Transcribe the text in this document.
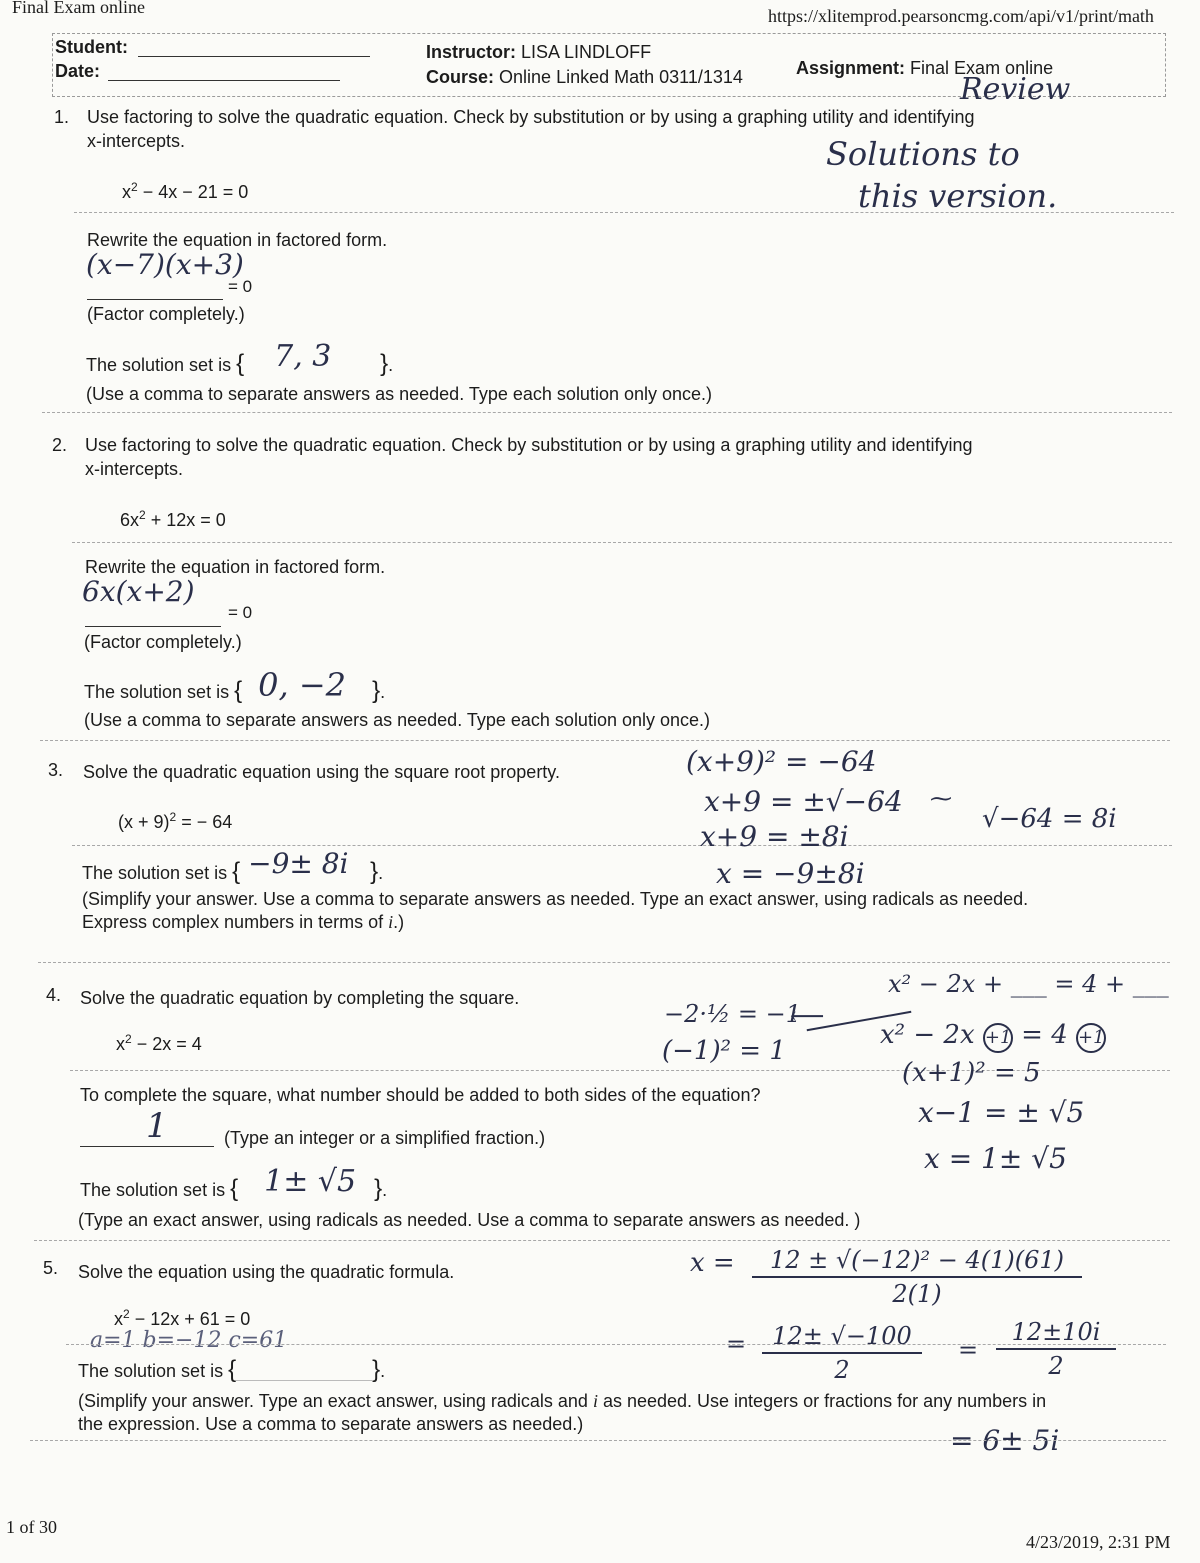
Final Exam online	https://xlitemprod.pearsoncmg.com/api/v1/print/math
Student:
Date:
Instructor: LISA LINDLOFF
Course: Online Linked Math 0311/1314	Assignment: Final Exam online
Review
Solutions to
this version.
1. Use factoring to solve the quadratic equation. Check by substitution or by using a graphing utility and identifying
x-intercepts.
$x^2 - 4x - 21 = 0$
Rewrite the equation in factored form.
(x−7)(x+3)
= 0
(Factor completely.)
The solution set is { 7, 3 }.
(Use a comma to separate answers as needed. Type each solution only once.)
2. Use factoring to solve the quadratic equation. Check by substitution or by using a graphing utility and identifying
x-intercepts.
$6x^2 + 12x = 0$
Rewrite the equation in factored form.
6x(x+2)
= 0
(Factor completely.)
The solution set is { 0, −2 }.
(Use a comma to separate answers as needed. Type each solution only once.)
3. Solve the quadratic equation using the square root property.
$(x + 9)^2$ = − 64
The solution set is { −9± 8i }.
(Simplify your answer. Use a comma to separate answers as needed. Type an exact answer, using radicals as needed.
Express complex numbers in terms of i.)
(x+9)² = −64
x+9 = ±√−64
x+9 = ±8i
x = −9±8i
⁓
√−64 = 8i
4. Solve the quadratic equation by completing the square.
$x^2 - 2x = 4$
To complete the square, what number should be added to both sides of the equation?
1	(Type an integer or a simplified fraction.)
The solution set is { 1± √5 }.
(Type an exact answer, using radicals as needed. Use a comma to separate answers as needed. )
−2·½ = −1
⟵
(−1)² = 1
x² − 2x + ___ = 4 + ___
x² − 2x +1 = 4 +1
(x+1)² = 5
x−1 = ± √5
x = 1± √5
5. Solve the equation using the quadratic formula.
$x^2 - 12x + 61 = 0$
a=1 b=−12 c=61
The solution set is {	}.
(Simplify your answer. Type an exact answer, using radicals and i as needed. Use integers or fractions for any numbers in
the expression. Use a comma to separate answers as needed.)
x =	12 ± √(−12)² − 4(1)(61)
2(1)
=	12± √−100
2
=
12±10i
2
= 6± 5i
1 of 30
4/23/2019, 2:31 PM
